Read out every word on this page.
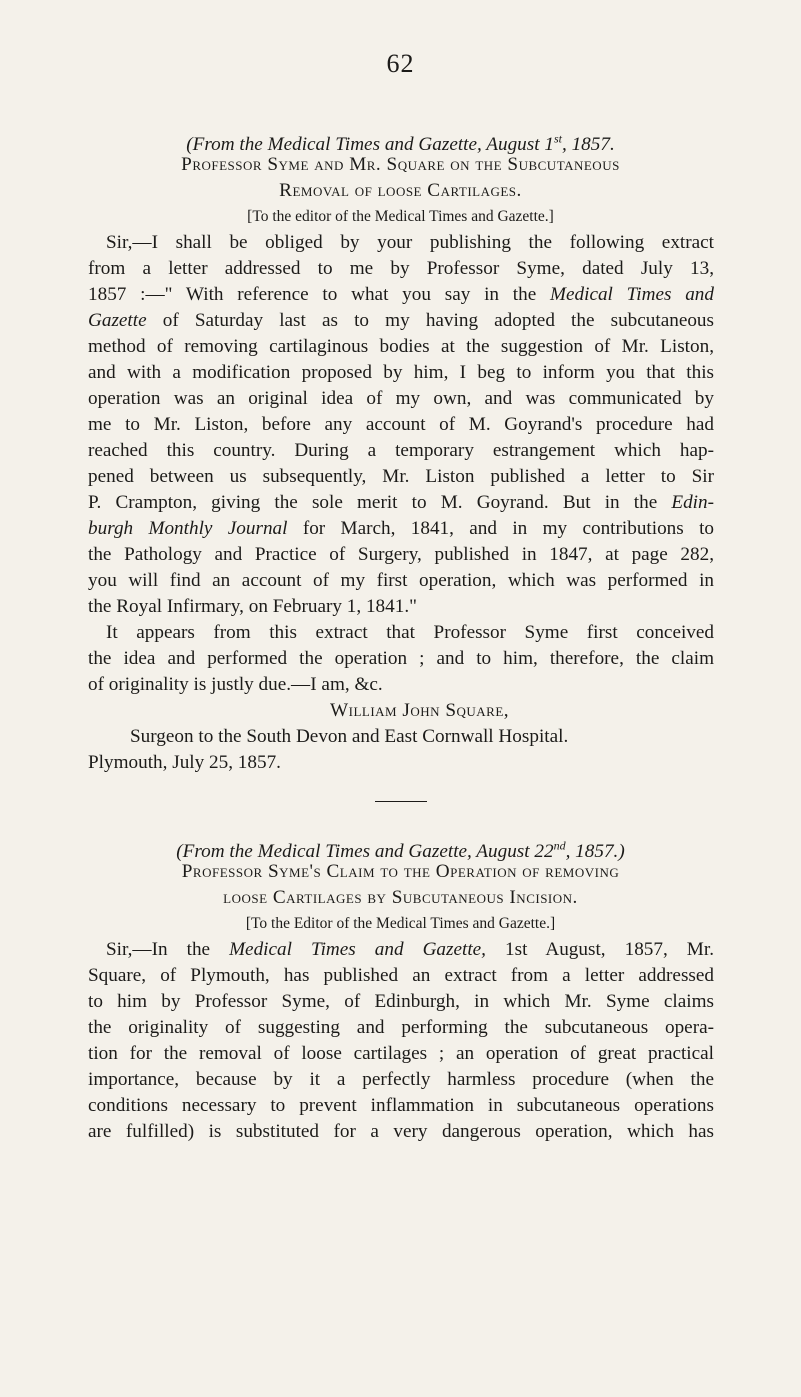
62
(From the Medical Times and Gazette, August 1st, 1857.
Professor Syme and Mr. Square on the Subcutaneous
Removal of loose Cartilages.
[To the editor of the Medical Times and Gazette.]
Sir,—I shall be obliged by your publishing the following extract
from a letter addressed to me by Professor Syme, dated July 13,
1857 :—" With reference to what you say in the Medical Times and
Gazette of Saturday last as to my having adopted the subcutaneous
method of removing cartilaginous bodies at the suggestion of Mr. Liston,
and with a modification proposed by him, I beg to inform you that this
operation was an original idea of my own, and was communicated by
me to Mr. Liston, before any account of M. Goyrand's procedure had
reached this country. During a temporary estrangement which hap-
pened between us subsequently, Mr. Liston published a letter to Sir
P. Crampton, giving the sole merit to M. Goyrand. But in the Edin-
burgh Monthly Journal for March, 1841, and in my contributions to
the Pathology and Practice of Surgery, published in 1847, at page 282,
you will find an account of my first operation, which was performed in
the Royal Infirmary, on February 1, 1841."
It appears from this extract that Professor Syme first conceived
the idea and performed the operation ; and to him, therefore, the claim
of originality is justly due.—I am, &c.
William John Square,
Surgeon to the South Devon and East Cornwall Hospital.
Plymouth, July 25, 1857.
(From the Medical Times and Gazette, August 22nd, 1857.)
Professor Syme's Claim to the Operation of removing
loose Cartilages by Subcutaneous Incision.
[To the Editor of the Medical Times and Gazette.]
Sir,—In the Medical Times and Gazette, 1st August, 1857, Mr.
Square, of Plymouth, has published an extract from a letter addressed
to him by Professor Syme, of Edinburgh, in which Mr. Syme claims
the originality of suggesting and performing the subcutaneous opera-
tion for the removal of loose cartilages ; an operation of great practical
importance, because by it a perfectly harmless procedure (when the
conditions necessary to prevent inflammation in subcutaneous operations
are fulfilled) is substituted for a very dangerous operation, which has
